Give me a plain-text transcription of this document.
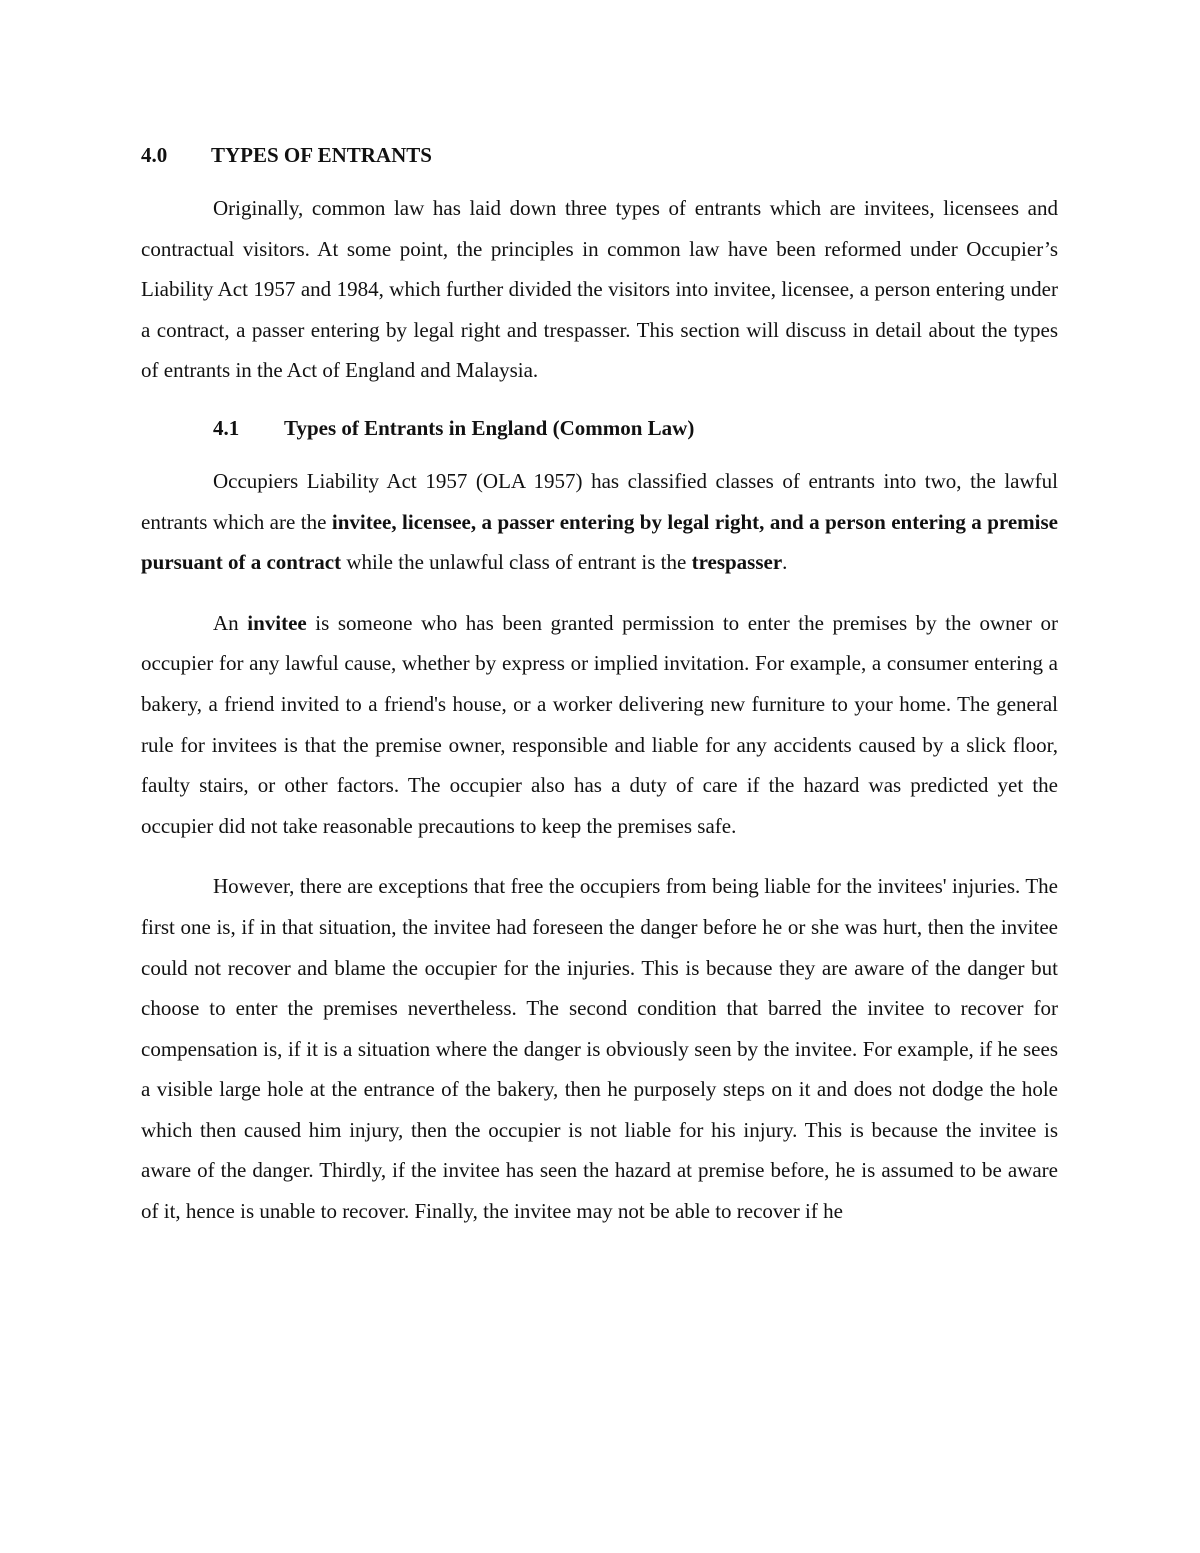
4.0	TYPES OF ENTRANTS

Originally, common law has laid down three types of entrants which are invitees, licensees and contractual visitors. At some point, the principles in common law have been reformed under Occupier’s Liability Act 1957 and 1984, which further divided the visitors into invitee, licensee, a person entering under a contract, a passer entering by legal right and trespasser. This section will discuss in detail about the types of entrants in the Act of England and Malaysia.

4.1	Types of Entrants in England (Common Law)

Occupiers Liability Act 1957 (OLA 1957) has classified classes of entrants into two, the lawful entrants which are the invitee, licensee, a passer entering by legal right, and a person entering a premise pursuant of a contract while the unlawful class of entrant is the trespasser.

An invitee is someone who has been granted permission to enter the premises by the owner or occupier for any lawful cause, whether by express or implied invitation. For example, a consumer entering a bakery, a friend invited to a friend's house, or a worker delivering new furniture to your home. The general rule for invitees is that the premise owner, responsible and liable for any accidents caused by a slick floor, faulty stairs, or other factors. The occupier also has a duty of care if the hazard was predicted yet the occupier did not take reasonable precautions to keep the premises safe.

However, there are exceptions that free the occupiers from being liable for the invitees' injuries. The first one is, if in that situation, the invitee had foreseen the danger before he or she was hurt, then the invitee could not recover and blame the occupier for the injuries. This is because they are aware of the danger but choose to enter the premises nevertheless. The second condition that barred the invitee to recover for compensation is, if it is a situation where the danger is obviously seen by the invitee. For example, if he sees a visible large hole at the entrance of the bakery, then he purposely steps on it and does not dodge the hole which then caused him injury, then the occupier is not liable for his injury. This is because the invitee is aware of the danger. Thirdly, if the invitee has seen the hazard at premise before, he is assumed to be aware of it, hence is unable to recover. Finally, the invitee may not be able to recover if he
